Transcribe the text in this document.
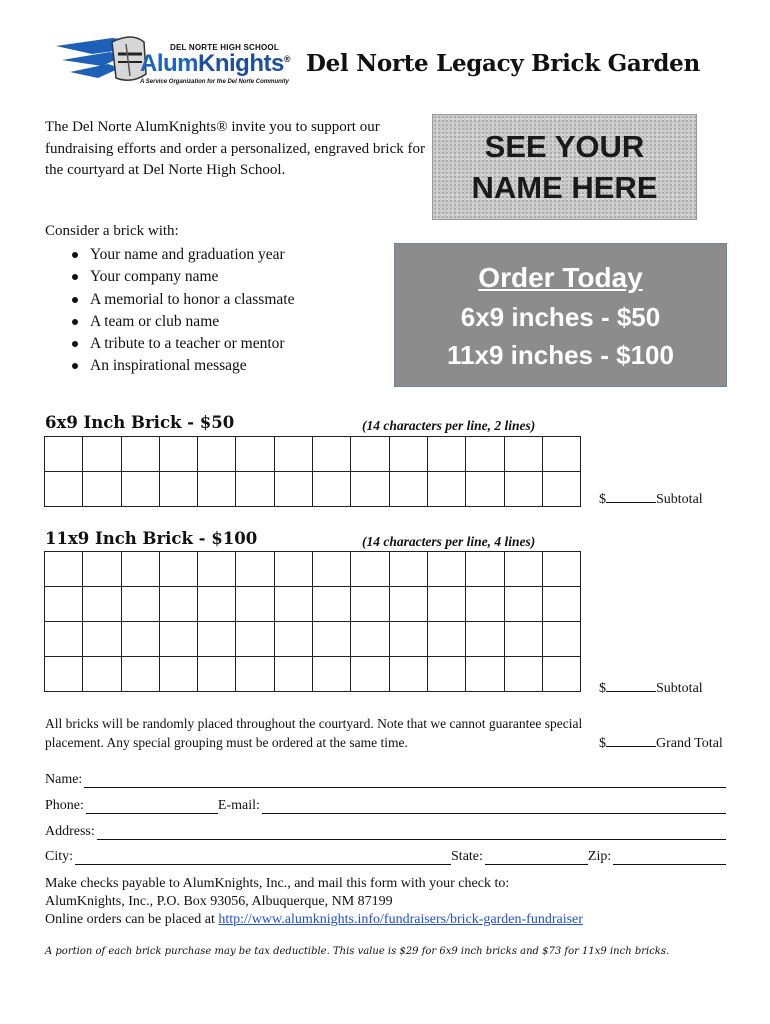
DEL NORTE HIGH SCHOOL
AlumKnights®
A Service Organization for the Del Norte Community
Del Norte Legacy Brick Garden
The Del Norte AlumKnights® invite you to support our fundraising efforts and order a personalized, engraved brick for the courtyard at Del Norte High School.
Consider a brick with:
Your name and graduation year
Your company name
A memorial to honor a classmate
A team or club name
A tribute to a teacher or mentor
An inspirational message
SEE YOUR
NAME HERE
Order Today
6x9 inches - $50
11x9 inches - $100
6x9 Inch Brick - $50	(14 characters per line, 2 lines)

$	Subtotal
11x9 Inch Brick - $100	(14 characters per line, 4 lines)

$	Subtotal
All bricks will be randomly placed throughout the courtyard. Note that we cannot guarantee special placement. Any special grouping must be ordered at the same time.	$	Grand Total
Name:
Phone:	E-mail:
Address:
City:	State:	Zip:
Make checks payable to AlumKnights, Inc., and mail this form with your check to:
AlumKnights, Inc., P.O. Box 93056, Albuquerque, NM 87199
Online orders can be placed at http://www.alumknights.info/fundraisers/brick-garden-fundraiser
A portion of each brick purchase may be tax deductible. This value is $29 for 6x9 inch bricks and $73 for 11x9 inch bricks.
